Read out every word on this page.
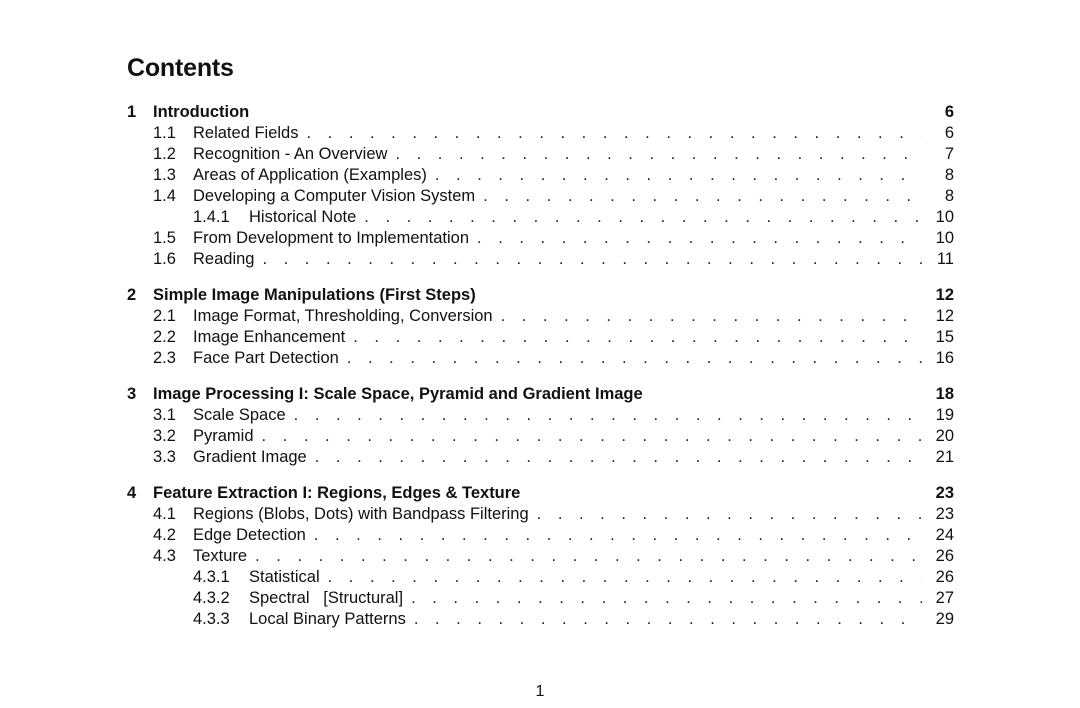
Contents
1	Introduction	6
1.1	Related Fields . . .	6
1.2	Recognition - An Overview . . .	7
1.3	Areas of Application (Examples) . . .	8
1.4	Developing a Computer Vision System . . .	8
1.4.1	Historical Note . . .	10
1.5	From Development to Implementation . . .	10
1.6	Reading . . .	11
2	Simple Image Manipulations (First Steps)	12
2.1	Image Format, Thresholding, Conversion . . .	12
2.2	Image Enhancement . . .	15
2.3	Face Part Detection . . .	16
3	Image Processing I: Scale Space, Pyramid and Gradient Image	18
3.1	Scale Space . . .	19
3.2	Pyramid . . .	20
3.3	Gradient Image . . .	21
4	Feature Extraction I: Regions, Edges & Texture	23
4.1	Regions (Blobs, Dots) with Bandpass Filtering . . .	23
4.2	Edge Detection . . .	24
4.3	Texture . . .	26
4.3.1	Statistical . . .	26
4.3.2	Spectral   [Structural] . . .	27
4.3.3	Local Binary Patterns . . .	29
1
